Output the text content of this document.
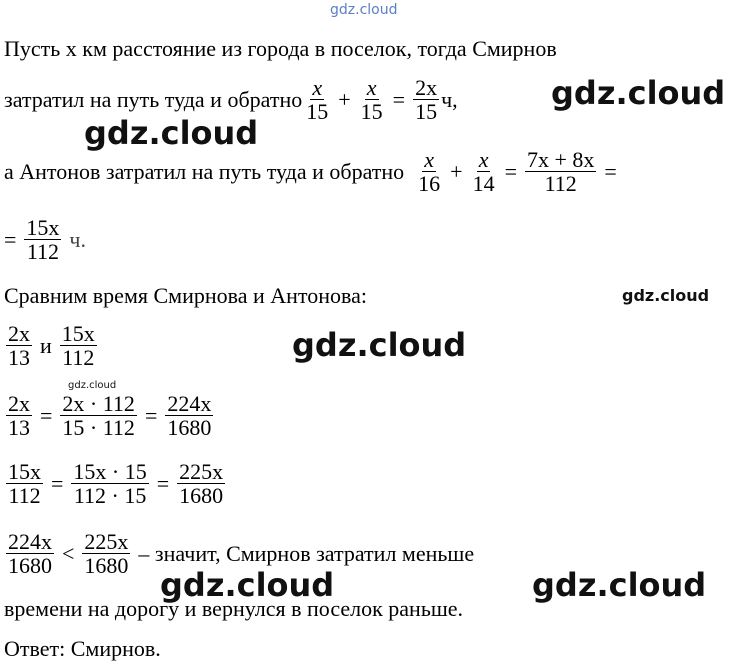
gdz.cloud
gdz.cloud
gdz.cloud
gdz.cloud
gdz.cloud
gdz.cloud
gdz.cloud	gdz.cloud
Пусть x км расстояние из города в поселок, тогда Смирнов
затратил на путь туда и обратно $\frac{x}{15} + \frac{x}{15} = \frac{2x}{15} ч$,
а Антонов затратил на путь туда и обратно $\frac{x}{16} + \frac{x}{14} = \frac{7x + 8x}{112}$ =
= $\frac{15x}{112} ч$.
Сравним время Смирнова и Антонова:
$\frac{2x}{13}$ и $\frac{15x}{112}$
$\frac{2x}{13} = \frac{2x \cdot 112}{15 \cdot 112} = \frac{224x}{1680}$
$\frac{15x}{112} = \frac{15x \cdot 15}{112 \cdot 15} = \frac{225x}{1680}$
$\frac{224x}{1680} < \frac{225x}{1680}$ – значит, Смирнов затратил меньше
времени на дорогу и вернулся в поселок раньше.
Ответ: Смирнов.
